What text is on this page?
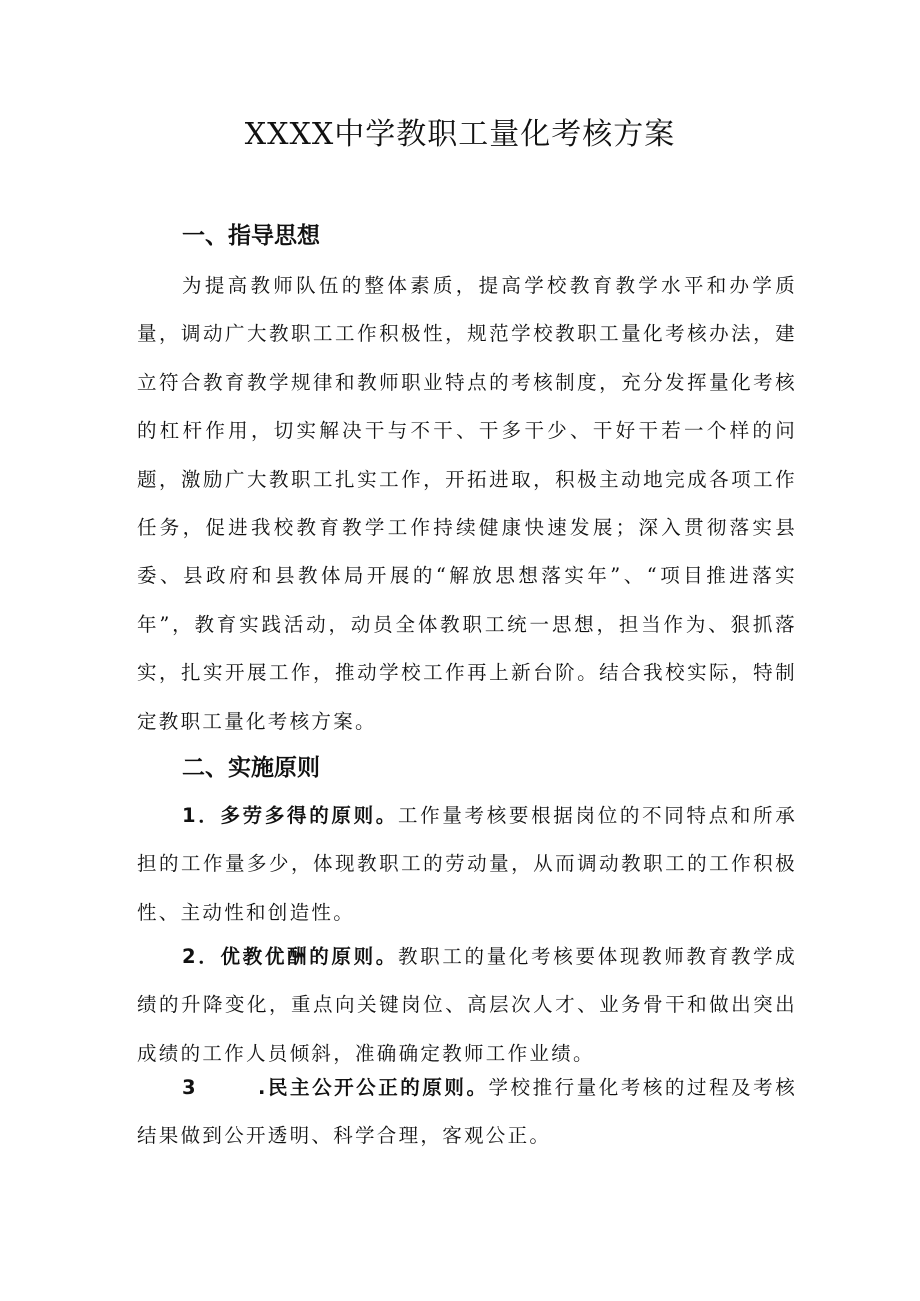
XXXX中学教职工量化考核方案
一、指导思想

为提高教师队伍的整体素质，提高学校教育教学水平和办学质量，调动广大教职工工作积极性，规范学校教职工量化考核办法，建立符合教育教学规律和教师职业特点的考核制度，充分发挥量化考核的杠杆作用，切实解决干与不干、干多干少、干好干若一个样的问题，激励广大教职工扎实工作，开拓进取，积极主动地完成各项工作任务，促进我校教育教学工作持续健康快速发展；深入贯彻落实县委、县政府和县教体局开展的“解放思想落实年”、“项目推进落实年”，教育实践活动，动员全体教职工统一思想，担当作为、狠抓落实，扎实开展工作，推动学校工作再上新台阶。结合我校实际，特制定教职工量化考核方案。

二、实施原则

1．多劳多得的原则。工作量考核要根据岗位的不同特点和所承担的工作量多少，体现教职工的劳动量，从而调动教职工的工作积极性、主动性和创造性。

2．优教优酬的原则。教职工的量化考核要体现教师教育教学成绩的升降变化，重点向关键岗位、高层次人才、业务骨干和做出突出成绩的工作人员倾斜，准确确定教师工作业绩。

3	.民主公开公正的原则。学校推行量化考核的过程及考核结果做到公开透明、科学合理，客观公正。
